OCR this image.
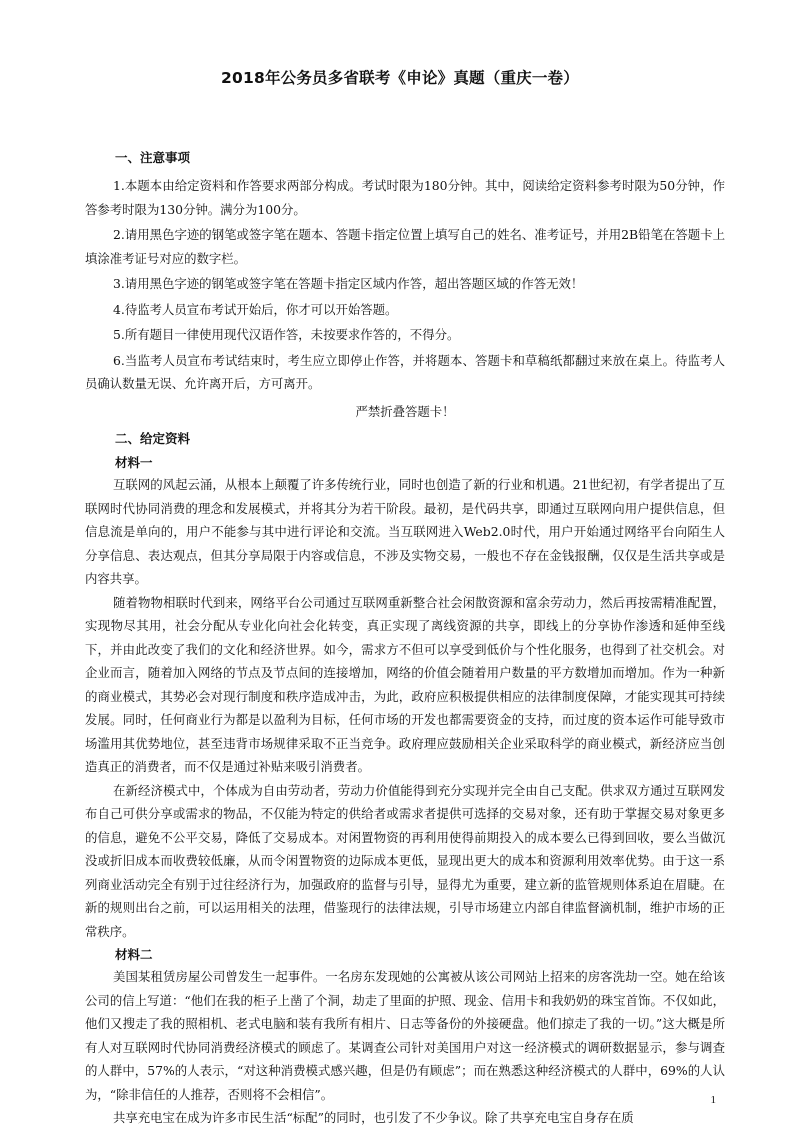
2018年公务员多省联考《申论》真题（重庆一卷）
一、注意事项

1.本题本由给定资料和作答要求两部分构成。考试时限为180分钟。其中，阅读给定资料参考时限为50分钟，作答参考时限为130分钟。满分为100分。

2.请用黑色字迹的钢笔或签字笔在题本、答题卡指定位置上填写自己的姓名、准考证号，并用2B铅笔在答题卡上填涂准考证号对应的数字栏。

3.请用黑色字迹的钢笔或签字笔在答题卡指定区域内作答，超出答题区域的作答无效！

4.待监考人员宣布考试开始后，你才可以开始答题。

5.所有题目一律使用现代汉语作答，未按要求作答的，不得分。

6.当监考人员宣布考试结束时，考生应立即停止作答，并将题本、答题卡和草稿纸都翻过来放在桌上。待监考人员确认数量无误、允许离开后，方可离开。

严禁折叠答题卡！

二、给定资料
材料一

互联网的风起云涌，从根本上颠覆了许多传统行业，同时也创造了新的行业和机遇。21世纪初，有学者提出了互联网时代协同消费的理念和发展模式，并将其分为若干阶段。最初，是代码共享，即通过互联网向用户提供信息，但信息流是单向的，用户不能参与其中进行评论和交流。当互联网进入Web2.0时代，用户开始通过网络平台向陌生人分享信息、表达观点，但其分享局限于内容或信息，不涉及实物交易，一般也不存在金钱报酬，仅仅是生活共享或是内容共享。

随着物物相联时代到来，网络平台公司通过互联网重新整合社会闲散资源和富余劳动力，然后再按需精准配置，实现物尽其用，社会分配从专业化向社会化转变，真正实现了离线资源的共享，即线上的分享协作渗透和延伸至线下，并由此改变了我们的文化和经济世界。如今，需求方不但可以享受到低价与个性化服务，也得到了社交机会。对企业而言，随着加入网络的节点及节点间的连接增加，网络的价值会随着用户数量的平方数增加而增加。作为一种新的商业模式，其势必会对现行制度和秩序造成冲击，为此，政府应积极提供相应的法律制度保障，才能实现其可持续发展。同时，任何商业行为都是以盈利为目标，任何市场的开发也都需要资金的支持，而过度的资本运作可能导致市场滥用其优势地位，甚至违背市场规律采取不正当竞争。政府理应鼓励相关企业采取科学的商业模式，新经济应当创造真正的消费者，而不仅是通过补贴来吸引消费者。

在新经济模式中，个体成为自由劳动者，劳动力价值能得到充分实现并完全由自己支配。供求双方通过互联网发布自己可供分享或需求的物品，不仅能为特定的供给者或需求者提供可选择的交易对象，还有助于掌握交易对象更多的信息，避免不公平交易，降低了交易成本。对闲置物资的再利用使得前期投入的成本要么已得到回收，要么当做沉没或折旧成本而收费较低廉，从而令闲置物资的边际成本更低，显现出更大的成本和资源利用效率优势。由于这一系列商业活动完全有别于过往经济行为，加强政府的监督与引导，显得尤为重要，建立新的监管规则体系迫在眉睫。在新的规则出台之前，可以运用相关的法理，借鉴现行的法律法规，引导市场建立内部自律监督滴机制，维护市场的正常秩序。

材料二

美国某租赁房屋公司曾发生一起事件。一名房东发现她的公寓被从该公司网站上招来的房客洗劫一空。她在给该公司的信上写道：“他们在我的柜子上凿了个洞，劫走了里面的护照、现金、信用卡和我奶奶的珠宝首饰。不仅如此，他们又搜走了我的照相机、老式电脑和装有我所有相片、日志等备份的外接硬盘。他们掠走了我的一切。”这大概是所有人对互联网时代协同消费经济模式的顾虑了。某调查公司针对美国用户对这一经济模式的调研数据显示，参与调查的人群中，57%的人表示，“对这种消费模式感兴趣，但是仍有顾虑”；而在熟悉这种经济模式的人群中，69%的人认为，“除非信任的人推荐，否则将不会相信”。

共享充电宝在成为许多市民生活“标配”的同时，也引发了不少争议。除了共享充电宝自身存在质

1
